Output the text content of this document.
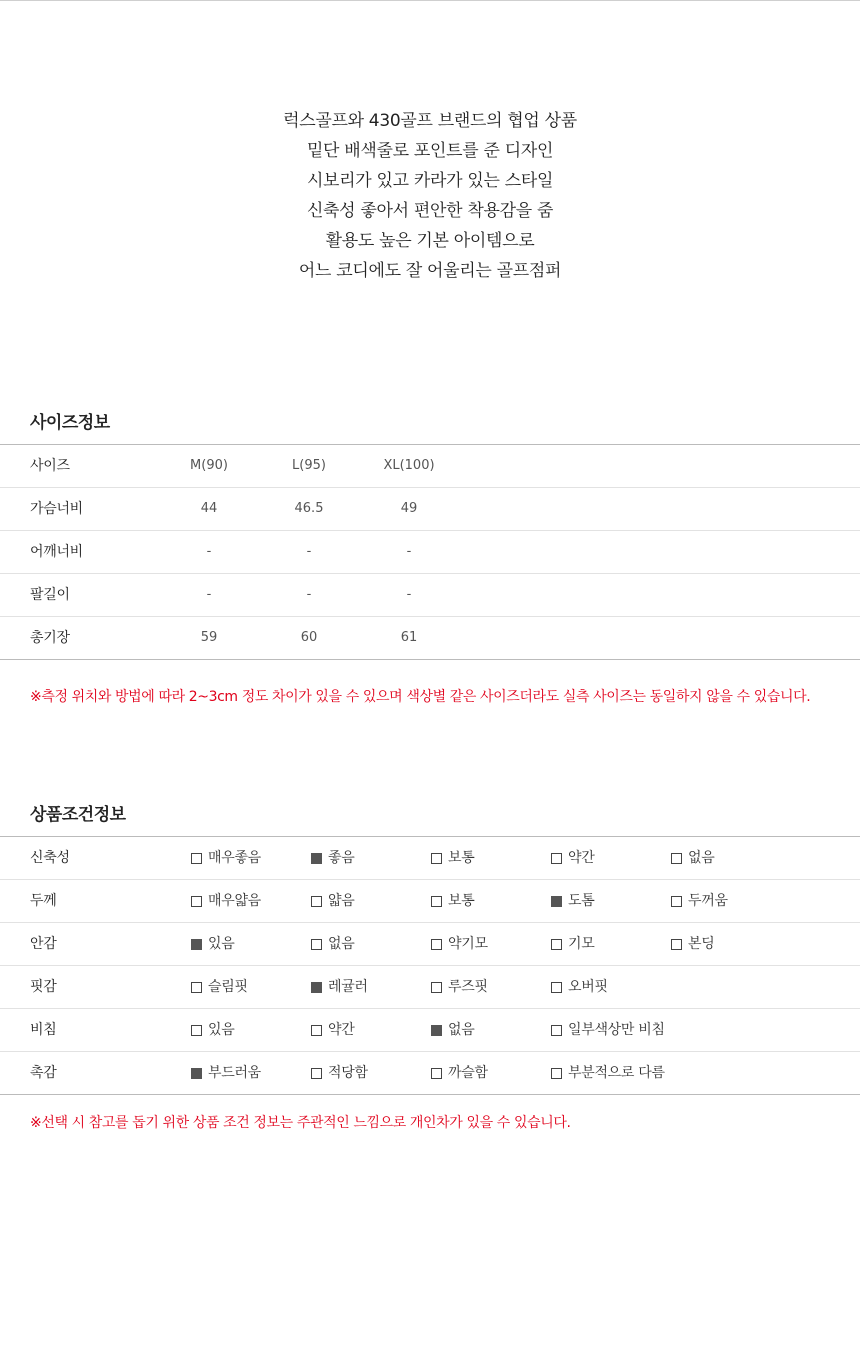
럭스골프와 430골프 브랜드의 협업 상품
밑단 배색줄로 포인트를 준 디자인
시보리가 있고 카라가 있는 스타일
신축성 좋아서 편안한 착용감을 줌
활용도 높은 기본 아이템으로
어느 코디에도 잘 어울리는 골프점퍼
사이즈정보
사이즈	M(90)	L(95)	XL(100)
가슴너비	44	46.5	49
어깨너비	-	-	-
팔길이	-	-	-
총기장	59	60	61
※측정 위치와 방법에 따라 2~3cm 정도 차이가 있을 수 있으며 색상별 같은 사이즈더라도 실측 사이즈는 동일하지 않을 수 있습니다.
상품조건정보
신축성	매우좋음	좋음	보통	약간	없음
두께	매우얇음	얇음	보통	도톰	두꺼움
안감	있음	없음	약기모	기모	본딩
핏감	슬림핏	레귤러	루즈핏	오버핏
비침	있음	약간	없음	일부색상만 비침
촉감	부드러움	적당함	까슬함	부분적으로 다름
※선택 시 참고를 돕기 위한 상품 조건 정보는 주관적인 느낌으로 개인차가 있을 수 있습니다.
